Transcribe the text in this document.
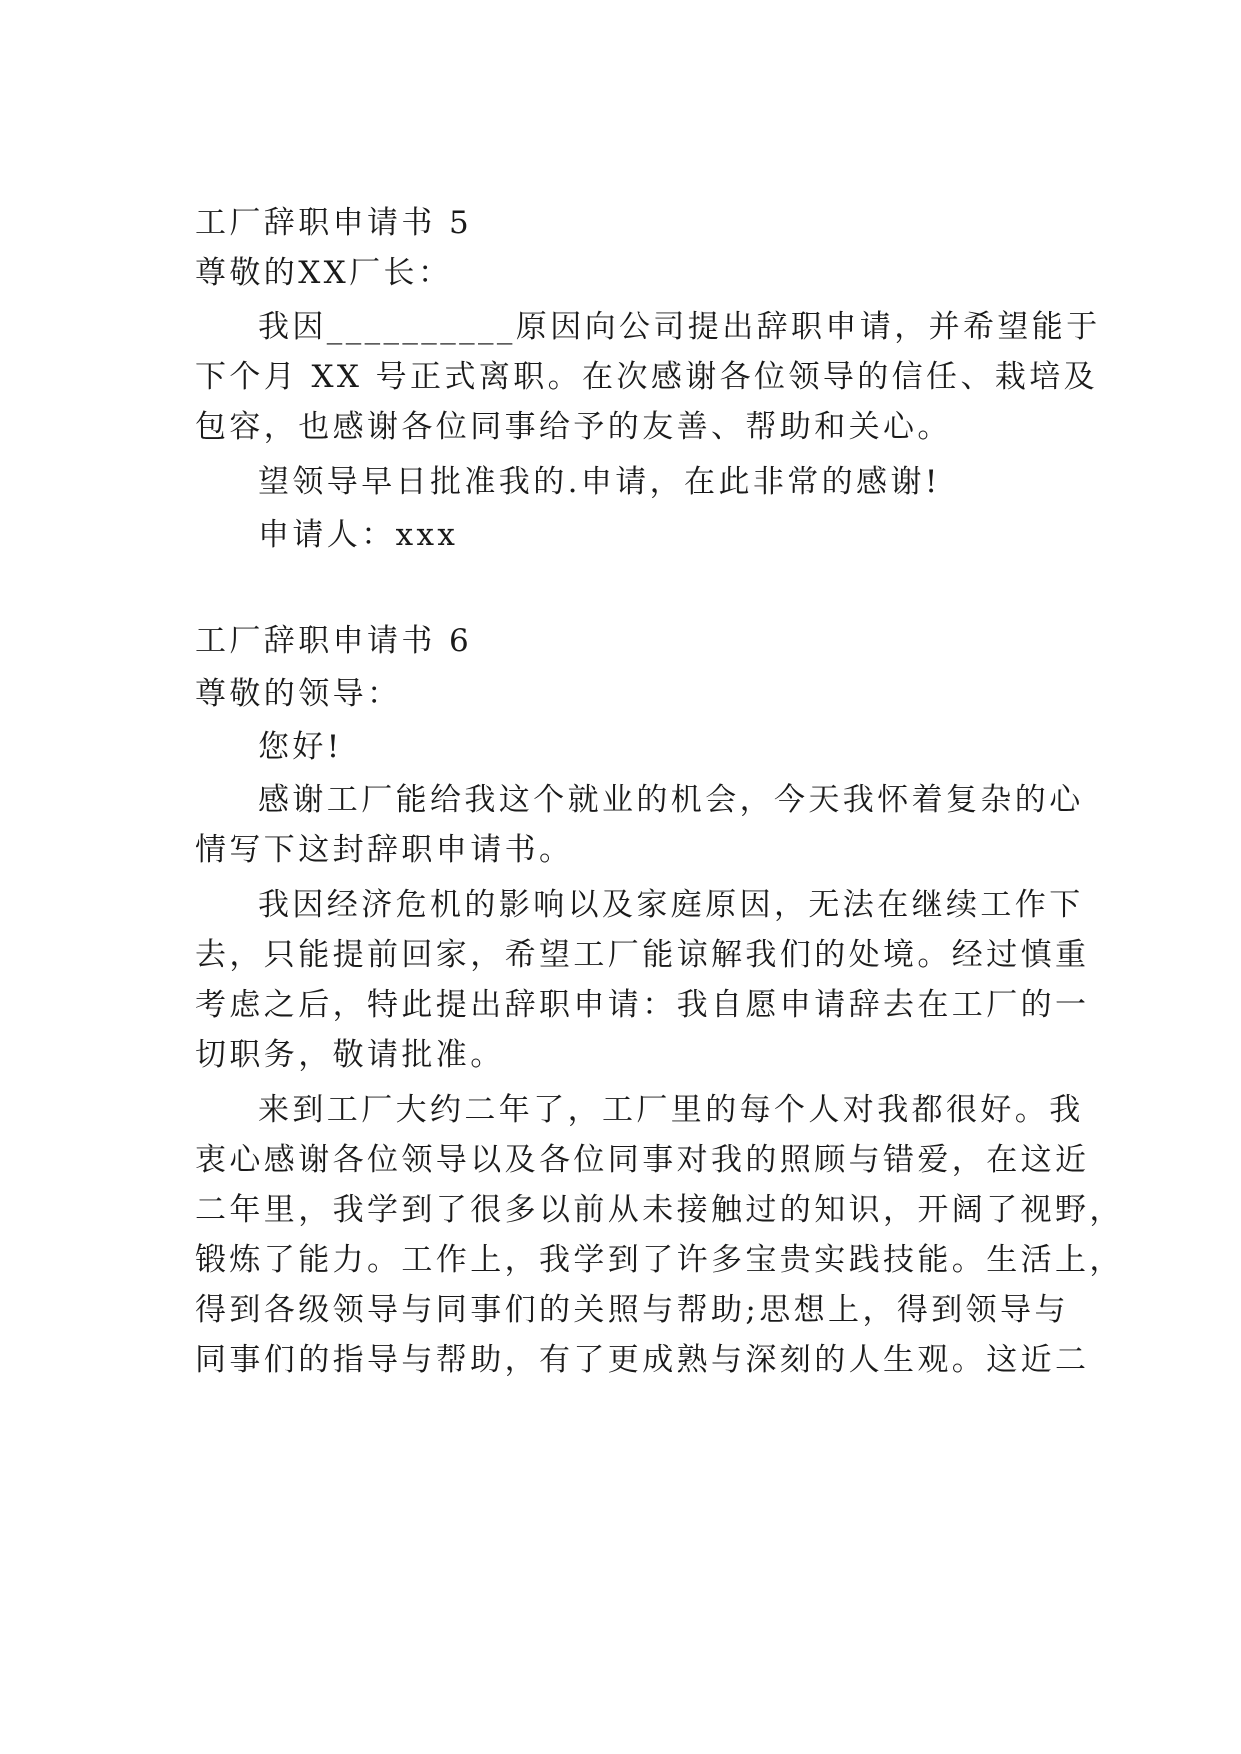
工厂辞职申请书 5
尊敬的XX厂长：
我因__________原因向公司提出辞职申请，并希望能于
下个月 XX 号正式离职。在次感谢各位领导的信任、栽培及
包容，也感谢各位同事给予的友善、帮助和关心。
望领导早日批准我的.申请，在此非常的感谢!
申请人：xxx
工厂辞职申请书 6
尊敬的领导：
您好!
感谢工厂能给我这个就业的机会，今天我怀着复杂的心
情写下这封辞职申请书。
我因经济危机的影响以及家庭原因，无法在继续工作下
去，只能提前回家，希望工厂能谅解我们的处境。经过慎重
考虑之后，特此提出辞职申请：我自愿申请辞去在工厂的一
切职务，敬请批准。
来到工厂大约二年了，工厂里的每个人对我都很好。我
衷心感谢各位领导以及各位同事对我的照顾与错爱，在这近
二年里，我学到了很多以前从未接触过的知识，开阔了视野，
锻炼了能力。工作上，我学到了许多宝贵实践技能。生活上，
得到各级领导与同事们的关照与帮助;思想上，得到领导与
同事们的指导与帮助，有了更成熟与深刻的人生观。这近二
